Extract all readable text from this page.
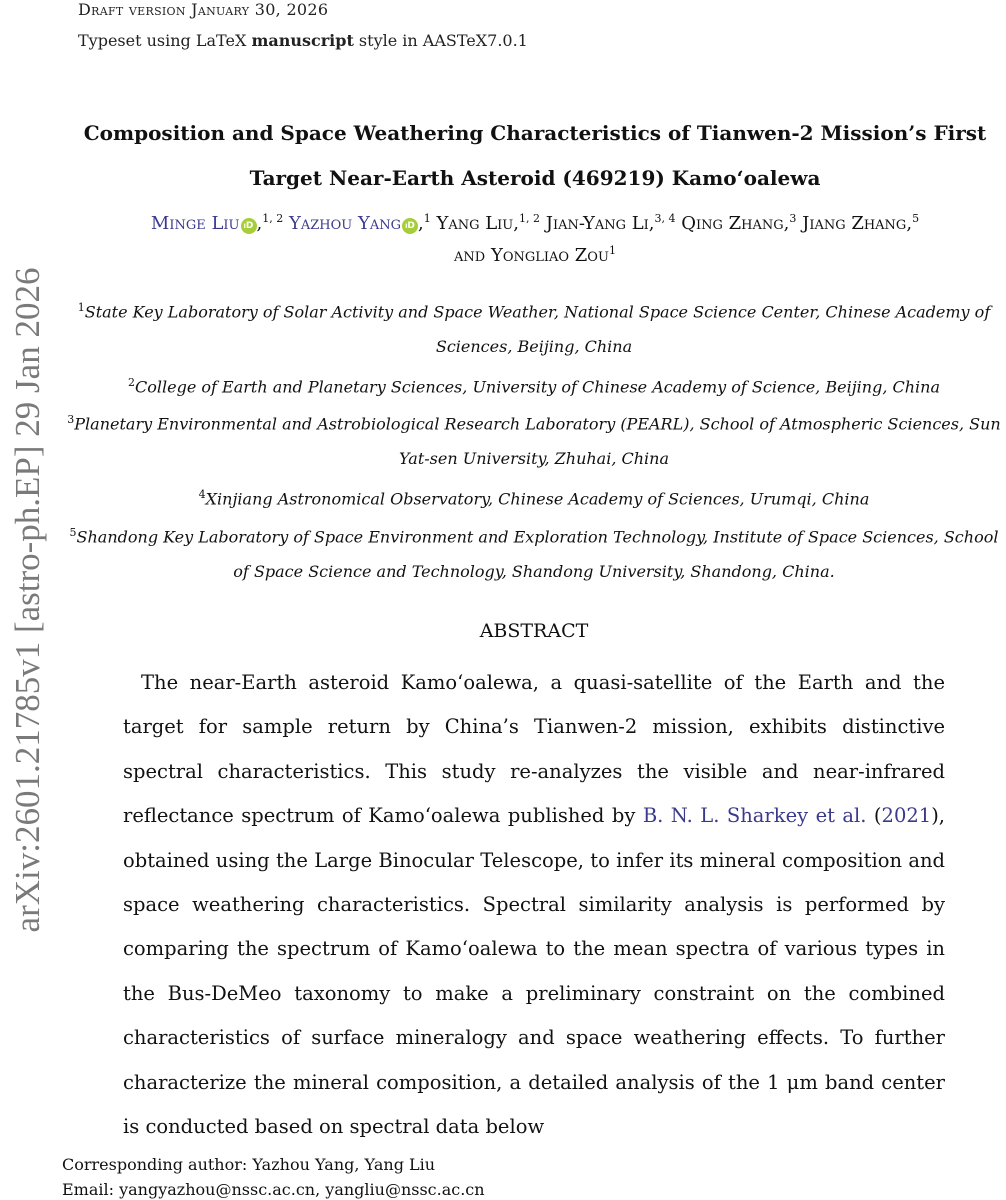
Draft version January 30, 2026
Typeset using LaTeX manuscript style in AASTeX7.0.1
Composition and Space Weathering Characteristics of Tianwen-2 Mission’s First
Target Near-Earth Asteroid (469219) Kamoʻoalewa
Minge Liu iD ,$^{1, 2}$ Yazhou Yang iD ,$^1$ Yang Liu,$^{1, 2}$ Jian-Yang Li,$^{3, 4}$ Qing Zhang,$^3$ Jiang Zhang,$^5$
and Yongliao Zou$^1$
$^1$State Key Laboratory of Solar Activity and Space Weather, National Space Science Center, Chinese Academy of Sciences, Beijing, China
$^2$College of Earth and Planetary Sciences, University of Chinese Academy of Science, Beijing, China
$^3$Planetary Environmental and Astrobiological Research Laboratory (PEARL), School of Atmospheric Sciences, Sun Yat-sen University, Zhuhai, China
$^4$Xinjiang Astronomical Observatory, Chinese Academy of Sciences, Urumqi, China
$^5$Shandong Key Laboratory of Space Environment and Exploration Technology, Institute of Space Sciences, School of Space Science and Technology, Shandong University, Shandong, China.
ABSTRACT
The near-Earth asteroid Kamoʻoalewa, a quasi-satellite of the Earth and the target for sample return by China’s Tianwen-2 mission, exhibits distinctive spectral characteristics. This study re-analyzes the visible and near-infrared reflectance spectrum of Kamoʻoalewa published by B. N. L. Sharkey et al. (2021), obtained using the Large Binocular Telescope, to infer its mineral composition and space weathering characteristics. Spectral similarity analysis is performed by comparing the spectrum of Kamoʻoalewa to the mean spectra of various types in the Bus-DeMeo taxonomy to make a preliminary constraint on the combined characteristics of surface mineralogy and space weathering effects. To further characterize the mineral composition, a detailed analysis of the 1 μm band center is conducted based on spectral data below
arXiv:2601.21785v1 [astro-ph.EP] 29 Jan 2026
Corresponding author: Yazhou Yang, Yang Liu
Email: yangyazhou@nssc.ac.cn, yangliu@nssc.ac.cn
